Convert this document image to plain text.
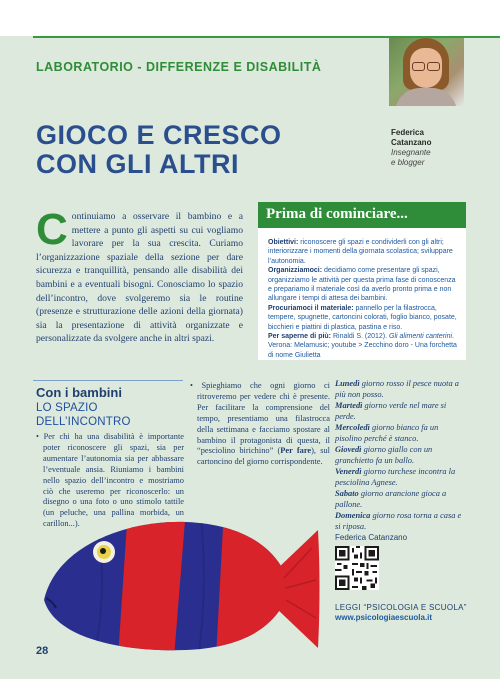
LABORATORIO - DIFFERENZE E DISABILITÀ
GIOCO E CRESCO
CON GLI ALTRI
Federica
Catanzano
Insegnante
e blogger
Continuiamo a osservare il bambino e a mettere a punto gli aspetti su cui vogliamo lavorare per la sua crescita. Curiamo l’organizzazione spaziale della sezione per dare sicurezza e tranquillità, pensando alle disabilità dei bambini e a eventuali bisogni. Conosciamo lo spazio dell’incontro, dove svolgeremo sia le routine (presenze e strutturazione delle azioni della giornata) sia la presentazione di attività organizzate e personalizzate da svolgere anche in altri spazi.
Prima di cominciare...
Obiettivi: riconoscere gli spazi e condividerli con gli altri; interiorizzare i momenti della giornata scolastica; sviluppare l’autonomia.
Organizziamoci: decidiamo come presentare gli spazi, organizziamo le attività per questa prima fase di conoscenza e prepariamo il materiale così da averlo pronto prima e non allungare i tempi di attesa dei bambini.
Procuriamoci il materiale: pannello per la filastrocca, tempere, spugnette, cartoncini colorati, foglio bianco, posate, bicchieri e piattini di plastica, pastina e riso.
Per saperne di più: Rinaldi S. (2012). Gli alimenti canterini. Verona: Melamusic; youtube > Zecchino doro - Una forchetta di nome Giulietta
Con i bambini
LO SPAZIO DELL’INCONTRO
• Per chi ha una disabilità è importante poter riconoscere gli spazi, sia per aumentare l’autonomia sia per abbassare l’eventuale ansia. Riuniamo i bambini nello spazio dell’incontro e mostriamo ciò che useremo per riconoscerlo: un disegno o una foto o uno stimolo tattile (un peluche, una pallina morbida, un carillon...).
• Spieghiamo che ogni giorno ci ritroveremo per vedere chi è presente. Per facilitare la comprensione del tempo, presentiamo una filastrocca della settimana e facciamo spostare al bambino il protagonista di questa, il “pesciolino birichino” (Per fare), sul cartoncino del giorno corrispondente.
Lunedì giorno rosso il pesce nuota a più non posso.
Martedì giorno verde nel mare si perde.
Mercoledì giorno bianco fa un pisolino perché è stanco.
Giovedì giorno giallo con un granchietto fa un ballo.
Venerdì giorno turchese incontra la pesciolina Agnese.
Sabato giorno arancione gioca a pallone.
Domenica giorno rosa torna a casa e si riposa.
Federica Catanzano
LEGGI “PSICOLOGIA E SCUOLA”
www.psicologiaescuola.it
28
